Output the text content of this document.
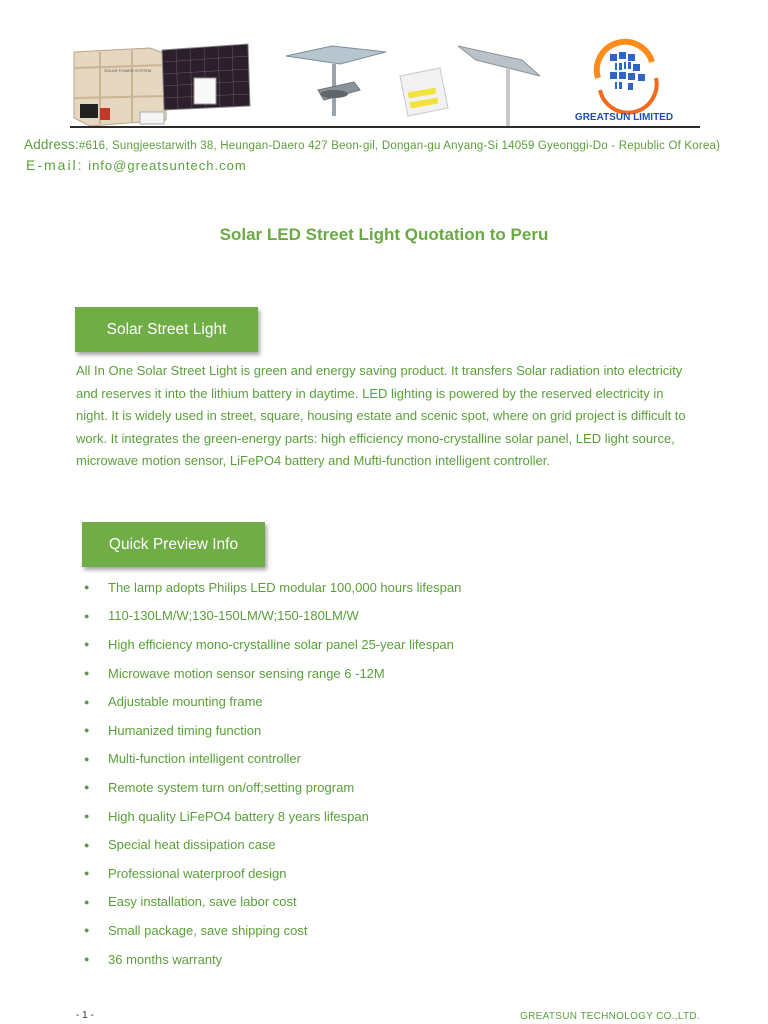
SOLAR POWER SYSTEM
GREATSUN LIMITED
Address:#616, Sungjeestarwith 38, Heungan-Daero 427 Beon-gil, Dongan-gu Anyang-Si 14059 Gyeonggi-Do - Republic Of Korea)
E-mail: info@greatsuntech.com
Solar LED Street Light Quotation to Peru
Solar Street Light
All In One Solar Street Light is green and energy saving product. It transfers Solar radiation into electricity and reserves it into the lithium battery in daytime. LED lighting is powered by the reserved electricity in night. It is widely used in street, square, housing estate and scenic spot, where on grid project is difficult to work. It integrates the green-energy parts: high efficiency mono-crystalline solar panel, LED light source, microwave motion sensor, LiFePO4 battery and Mufti-function intelligent controller.
Quick Preview Info
●	The lamp adopts Philips LED modular 100,000 hours lifespan
●	110-130LM/W;130-150LM/W;150-180LM/W
●	High efficiency mono-crystalline solar panel 25-year lifespan
●	Microwave motion sensor sensing range 6 -12M
●	Adjustable mounting frame
●	Humanized timing function
●	Multi-function intelligent controller
●	Remote system turn on/off;setting program
●	High quality LiFePO4 battery 8 years lifespan
●	Special heat dissipation case
●	Professional waterproof design
●	Easy installation, save labor cost
●	Small package, save shipping cost
●	36 months warranty
- 1 -	GREATSUN TECHNOLOGY CO.,LTD.
